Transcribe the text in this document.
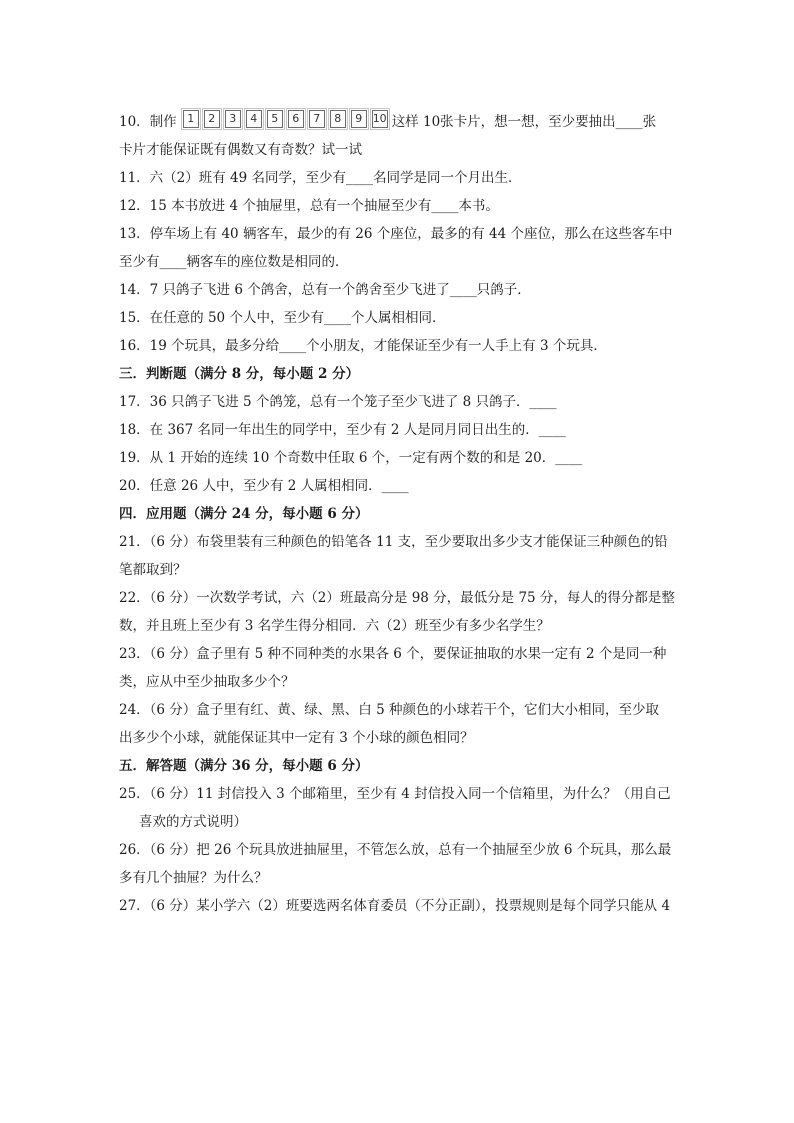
10．制作 1	2	3	4	5	6	7	8	9 10 这样 10张卡片，想一想，至少要抽出____张
卡片才能保证既有偶数又有奇数？试一试
11．六（2）班有 49 名同学，至少有____名同学是同一个月出生．
12．15 本书放进 4 个抽屉里，总有一个抽屉至少有____本书。
13．停车场上有 40 辆客车，最少的有 26 个座位，最多的有 44 个座位，那么在这些客车中
至少有____辆客车的座位数是相同的．
14．7 只鸽子飞进 6 个鸽舍，总有一个鸽舍至少飞进了____只鸽子．
15．在任意的 50 个人中，至少有____个人属相相同．
16．19 个玩具，最多分给____个小朋友，才能保证至少有一人手上有 3 个玩具．
三．判断题（满分 8 分，每小题 2 分）
17．36 只鸽子飞进 5 个鸽笼，总有一个笼子至少飞进了 8 只鸽子．____
18．在 367 名同一年出生的同学中，至少有 2 人是同月同日出生的．____
19．从 1 开始的连续 10 个奇数中任取 6 个，一定有两个数的和是 20．____
20．任意 26 人中，至少有 2 人属相相同．____
四．应用题（满分 24 分，每小题 6 分）
21．（6 分）布袋里装有三种颜色的铅笔各 11 支，至少要取出多少支才能保证三种颜色的铅
笔都取到？
22．（6 分）一次数学考试，六（2）班最高分是 98 分，最低分是 75 分，每人的得分都是整
数，并且班上至少有 3 名学生得分相同．六（2）班至少有多少名学生？
23．（6 分）盒子里有 5 种不同种类的水果各 6 个，要保证抽取的水果一定有 2 个是同一种
类，应从中至少抽取多少个？
24．（6 分）盒子里有红、黄、绿、黑、白 5 种颜色的小球若干个，它们大小相同，至少取
出多少个小球，就能保证其中一定有 3 个小球的颜色相同？
五．解答题（满分 36 分，每小题 6 分）
25．（6 分）11 封信投入 3 个邮箱里，至少有 4 封信投入同一个信箱里，为什么？（用自己
喜欢的方式说明）
26．（6 分）把 26 个玩具放进抽屉里，不管怎么放，总有一个抽屉至少放 6 个玩具，那么最
多有几个抽屉？为什么？
27．（6 分）某小学六（2）班要选两名体育委员（不分正副），投票规则是每个同学只能从 4
